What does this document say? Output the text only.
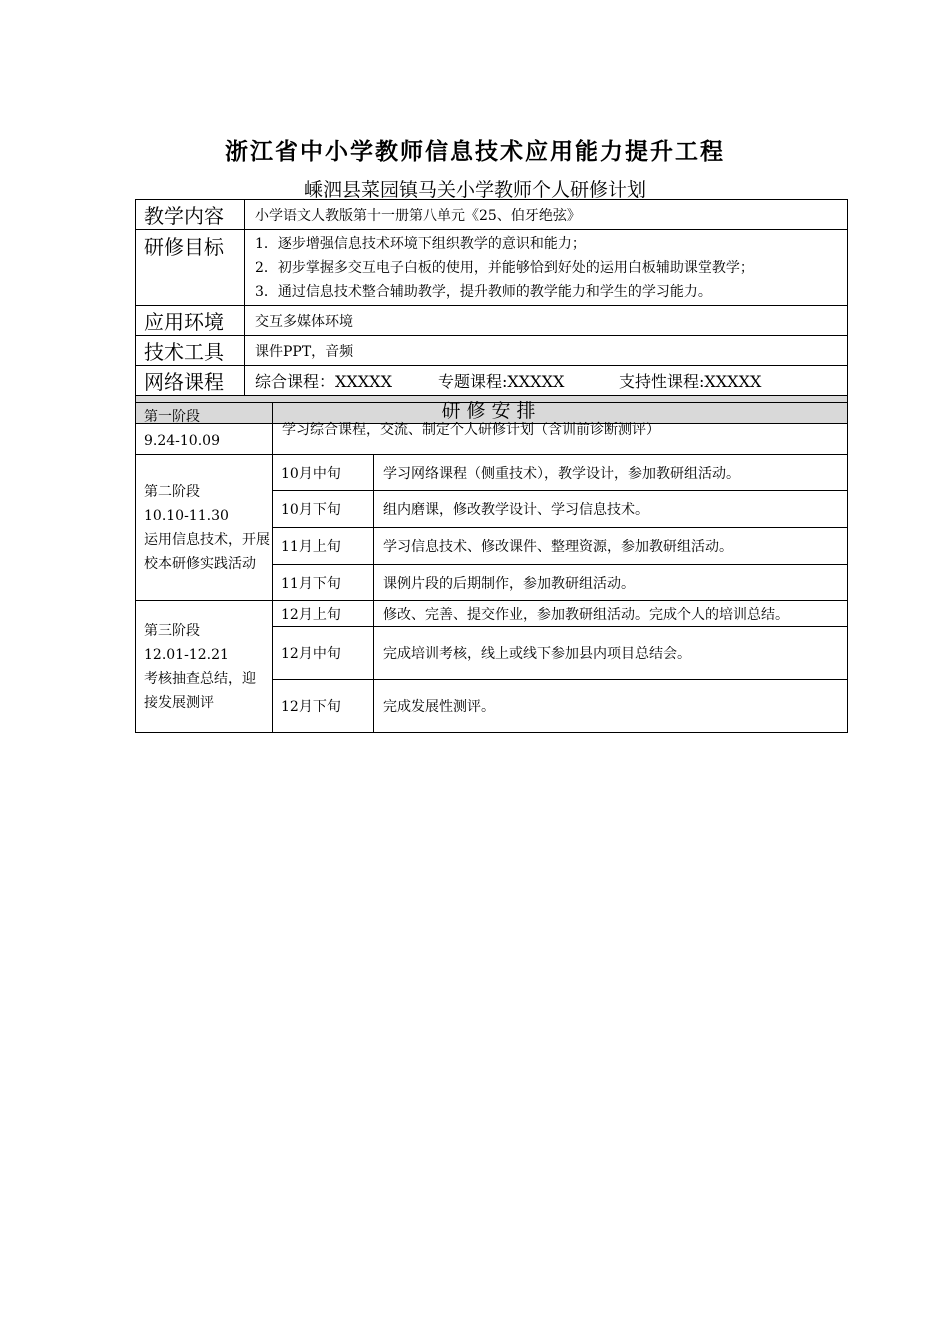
浙江省中小学教师信息技术应用能力提升工程
嵊泗县菜园镇马关小学教师个人研修计划
教学内容	小学语文人教版第十一册第八单元《25、伯牙绝弦》
研修目标	1．逐步增强信息技术环境下组织教学的意识和能力；
2．初步掌握多交互电子白板的使用，并能够恰到好处的运用白板辅助课堂教学；
3．通过信息技术整合辅助教学，提升教师的教学能力和学生的学习能力。

应用环境	交互多媒体环境
技术工具	课件PPT，音频
网络课程	综合课程：XXXXX 专题课程:XXXXX 支持性课程:XXXXX
研修安排	
第一阶段
9.24-10.09	学习综合课程，交流、制定个人研修计划（含训前诊断测评）	

第二阶段
10.10-11.30
运用信息技术，开展校本研修实践活动	10月中旬	学习网络课程（侧重技术），教学设计，参加教研组活动。
	10月下旬	组内磨课，修改教学设计、学习信息技术。
	11月上旬	学习信息技术、修改课件、整理资源，参加教研组活动。
	11月下旬	课例片段的后期制作，参加教研组活动。

第三阶段
12.01-12.21
考核抽查总结，迎接发展测评	12月上旬	修改、完善、提交作业，参加教研组活动。完成个人的培训总结。
	12月中旬	完成培训考核，线上或线下参加县内项目总结会。
	12月下旬	完成发展性测评。
